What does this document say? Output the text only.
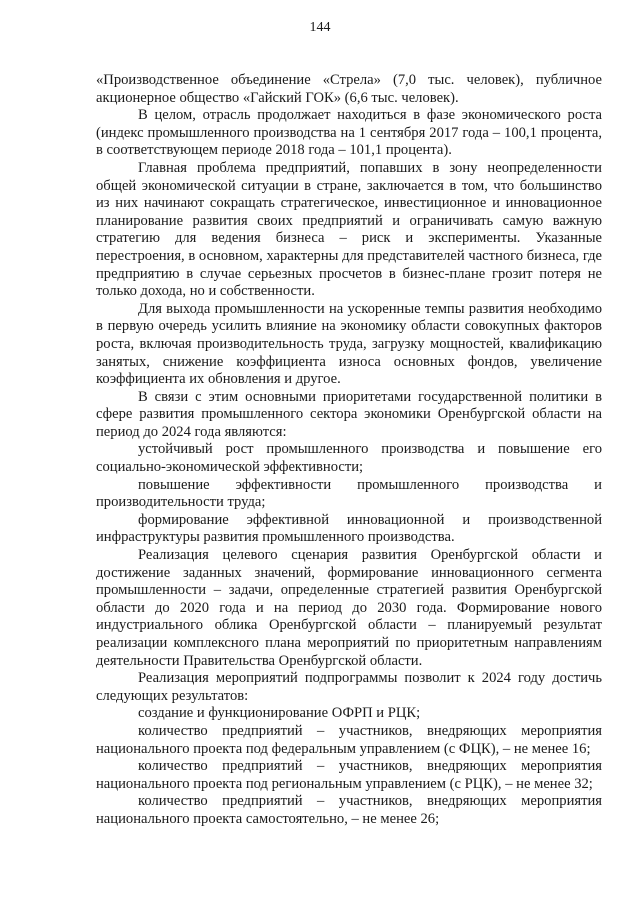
144

«Производственное объединение «Стрела» (7,0 тыс. человек), публичное акционерное общество «Гайский ГОК» (6,6 тыс. человек).

В целом, отрасль продолжает находиться в фазе экономического роста (индекс промышленного производства на 1 сентября 2017 года – 100,1 процента, в соответствующем периоде 2018 года – 101,1 процента).

Главная проблема предприятий, попавших в зону неопределенности общей экономической ситуации в стране, заключается в том, что большинство из них начинают сокращать стратегическое, инвестиционное и инновационное планирование развития своих предприятий и ограничивать самую важную стратегию для ведения бизнеса – риск и эксперименты. Указанные перестроения, в основном, характерны для представителей частного бизнеса, где предприятию в случае серьезных просчетов в бизнес-плане грозит потеря не только дохода, но и собственности.

Для выхода промышленности на ускоренные темпы развития необходимо в первую очередь усилить влияние на экономику области совокупных факторов роста, включая производительность труда, загрузку мощностей, квалификацию занятых, снижение коэффициента износа основных фондов, увеличение коэффициента их обновления и другое.

В связи с этим основными приоритетами государственной политики в сфере развития промышленного сектора экономики Оренбургской области на период до 2024 года являются:

устойчивый рост промышленного производства и повышение его социально-экономической эффективности;

повышение эффективности промышленного производства и производительности труда;

формирование эффективной инновационной и производственной инфраструктуры развития промышленного производства.

Реализация целевого сценария развития Оренбургской области и достижение заданных значений, формирование инновационного сегмента промышленности – задачи, определенные стратегией развития Оренбургской области до 2020 года и на период до 2030 года. Формирование нового индустриального облика Оренбургской области – планируемый результат реализации комплексного плана мероприятий по приоритетным направлениям деятельности Правительства Оренбургской области.

Реализация мероприятий подпрограммы позволит к 2024 году достичь следующих результатов:

создание и функционирование ОФРП и РЦК;

количество предприятий – участников, внедряющих мероприятия национального проекта под федеральным управлением (с ФЦК), – не менее 16;

количество предприятий – участников, внедряющих мероприятия национального проекта под региональным управлением (с РЦК), – не менее 32;

количество предприятий – участников, внедряющих мероприятия национального проекта самостоятельно, – не менее 26;
